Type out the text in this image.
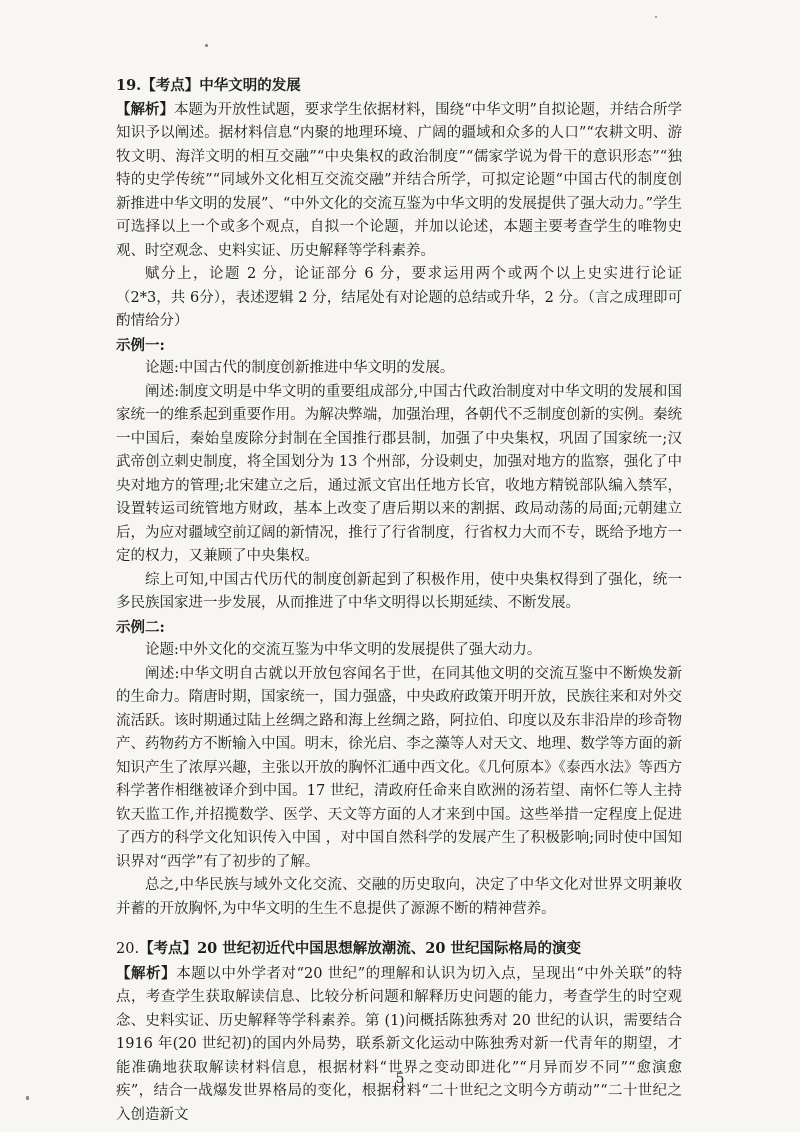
19.【考点】中华文明的发展

【解析】本题为开放性试题，要求学生依据材料，围绕“中华文明”自拟论题，并结合所学知识予以阐述。据材料信息“内聚的地理环境、广阔的疆域和众多的人口”“农耕文明、游牧文明、海洋文明的相互交融”“中央集权的政治制度”“儒家学说为骨干的意识形态”“独特的史学传统”“同域外文化相互交流交融”并结合所学，可拟定论题“中国古代的制度创新推进中华文明的发展”、“中外文化的交流互鉴为中华文明的发展提供了强大动力。”学生可选择以上一个或多个观点，自拟一个论题，并加以论述，本题主要考查学生的唯物史观、时空观念、史料实证、历史解释等学科素养。

赋分上，论题 2 分，论证部分 6 分，要求运用两个或两个以上史实进行论证（2*3，共 6分），表述逻辑 2 分，结尾处有对论题的总结或升华，2 分。（言之成理即可酌情给分）

示例一:

论题:中国古代的制度创新推进中华文明的发展。

阐述:制度文明是中华文明的重要组成部分,中国古代政治制度对中华文明的发展和国家统一的维系起到重要作用。为解决弊端，加强治理，各朝代不乏制度创新的实例。秦统一中国后，秦始皇废除分封制在全国推行郡县制，加强了中央集权，巩固了国家统一;汉武帝创立刺史制度，将全国划分为 13 个州部，分设刺史，加强对地方的监察，强化了中央对地方的管理;北宋建立之后，通过派文官出任地方长官，收地方精锐部队编入禁军，设置转运司统管地方财政，基本上改变了唐后期以来的割据、政局动荡的局面;元朝建立后，为应对疆域空前辽阔的新情况，推行了行省制度，行省权力大而不专，既给予地方一定的权力，又兼顾了中央集权。

综上可知,中国古代历代的制度创新起到了积极作用，使中央集权得到了强化，统一多民族国家进一步发展，从而推进了中华文明得以长期延续、不断发展。

示例二:

论题:中外文化的交流互鉴为中华文明的发展提供了强大动力。

阐述:中华文明自古就以开放包容闻名于世，在同其他文明的交流互鉴中不断焕发新的生命力。隋唐时期，国家统一，国力强盛，中央政府政策开明开放，民族往来和对外交流活跃。该时期通过陆上丝绸之路和海上丝绸之路，阿拉伯、印度以及东非沿岸的珍奇物产、药物药方不断输入中国。明末，徐光启、李之藻等人对天文、地理、数学等方面的新知识产生了浓厚兴趣，主张以开放的胸怀汇通中西文化。《几何原本》《泰西水法》等西方科学著作相继被译介到中国。17 世纪，清政府任命来自欧洲的汤若望、南怀仁等人主持钦天监工作,并招揽数学、医学、天文等方面的人才来到中国。这些举措一定程度上促进了西方的科学文化知识传入中国 ，对中国自然科学的发展产生了积极影响;同时使中国知识界对“西学”有了初步的了解。

总之,中华民族与域外文化交流、交融的历史取向，决定了中华文化对世界文明兼收并蓄的开放胸怀,为中华文明的生生不息提供了源源不断的精神营养。

20.【考点】20 世纪初近代中国思想解放潮流、20 世纪国际格局的演变

【解析】本题以中外学者对“20 世纪”的理解和认识为切入点，呈现出“中外关联”的特点，考查学生获取解读信息、比较分析问题和解释历史问题的能力，考查学生的时空观念、史料实证、历史解释等学科素养。第 (1)问概括陈独秀对 20 世纪的认识，需要结合 1916 年(20 世纪初)的国内外局势，联系新文化运动中陈独秀对新一代青年的期望，才能准确地获取解读材料信息，根据材料“世界之变动即进化”“月异而岁不同”“愈演愈疾”，结合一战爆发世界格局的变化，根据材料“二十世纪之文明今方萌动”“二十世纪之入创造新文

5
